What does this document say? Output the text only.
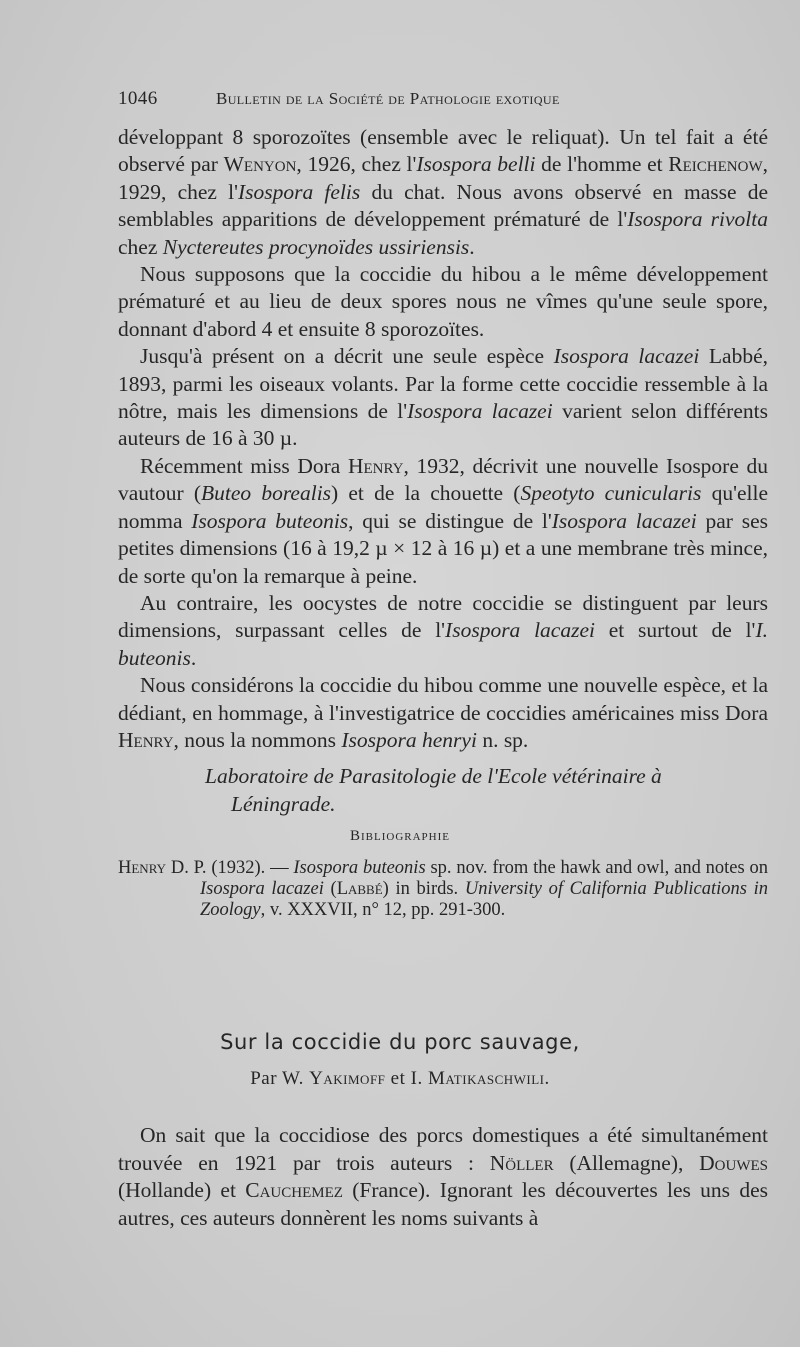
1046	Bulletin de la Société de Pathologie exotique

développant 8 sporozoïtes (ensemble avec le reliquat). Un tel fait a été observé par Wenyon, 1926, chez l'Isospora belli de l'homme et Reichenow, 1929, chez l'Isospora felis du chat. Nous avons observé en masse de semblables apparitions de développement prématuré de l'Isospora rivolta chez Nyctereutes procynoïdes ussiriensis.

Nous supposons que la coccidie du hibou a le même développement prématuré et au lieu de deux spores nous ne vîmes qu'une seule spore, donnant d'abord 4 et ensuite 8 sporozoïtes.

Jusqu'à présent on a décrit une seule espèce Isospora lacazei Labbé, 1893, parmi les oiseaux volants. Par la forme cette coccidie ressemble à la nôtre, mais les dimensions de l'Isospora lacazei varient selon différents auteurs de 16 à 30 µ.

Récemment miss Dora Henry, 1932, décrivit une nouvelle Isospore du vautour (Buteo borealis) et de la chouette (Speotyto cunicularis qu'elle nomma Isospora buteonis, qui se distingue de l'Isospora lacazei par ses petites dimensions (16 à 19,2 µ × 12 à 16 µ) et a une membrane très mince, de sorte qu'on la remarque à peine.

Au contraire, les oocystes de notre coccidie se distinguent par leurs dimensions, surpassant celles de l'Isospora lacazei et surtout de l'I. buteonis.

Nous considérons la coccidie du hibou comme une nouvelle espèce, et la dédiant, en hommage, à l'investigatrice de coccidies américaines miss Dora Henry, nous la nommons Isospora henryi n. sp.

Laboratoire de Parasitologie de l'Ecole vétérinaire à
Léningrade.
Bibliographie
Henry D. P. (1932). — Isospora buteonis sp. nov. from the hawk and owl, and notes on Isospora lacazei (Labbé) in birds. University of California Publications in Zoology, v. XXXVII, n° 12, pp. 291-300.
Sur la coccidie du porc sauvage,
Par W. Yakimoff et I. Matikaschwili.

On sait que la coccidiose des porcs domestiques a été simultanément trouvée en 1921 par trois auteurs : Nöller (Allemagne), Douwes (Hollande) et Cauchemez (France). Ignorant les découvertes les uns des autres, ces auteurs donnèrent les noms suivants à
